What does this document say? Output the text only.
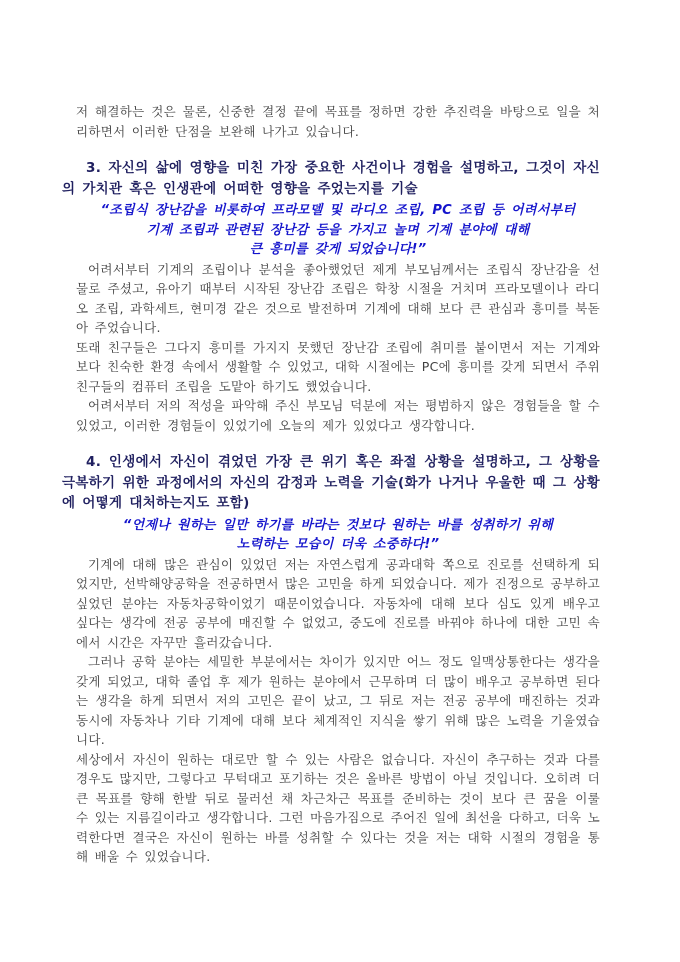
저 해결하는 것은 물론, 신중한 결정 끝에 목표를 정하면 강한 추진력을 바탕으로 일을 처리하면서 이러한 단점을 보완해 나가고 있습니다.

3. 자신의 삶에 영향을 미친 가장 중요한 사건이나 경험을 설명하고, 그것이 자신의 가치관 혹은 인생관에 어떠한 영향을 주었는지를 기술

“조립식 장난감을 비롯하여 프라모델 및 라디오 조립, PC 조립 등 어려서부터
기계 조립과 관련된 장난감 등을 가지고 놀며 기계 분야에 대해
큰 흥미를 갖게 되었습니다!”

어려서부터 기계의 조립이나 분석을 좋아했었던 제게 부모님께서는 조립식 장난감을 선물로 주셨고, 유아기 때부터 시작된 장난감 조립은 학창 시절을 거치며 프라모델이나 라디오 조립, 과학세트, 현미경 같은 것으로 발전하며 기계에 대해 보다 큰 관심과 흥미를 북돋아 주었습니다.

또래 친구들은 그다지 흥미를 가지지 못했던 장난감 조립에 취미를 붙이면서 저는 기계와 보다 친숙한 환경 속에서 생활할 수 있었고, 대학 시절에는 PC에 흥미를 갖게 되면서 주위 친구들의 컴퓨터 조립을 도맡아 하기도 했었습니다.

어려서부터 저의 적성을 파악해 주신 부모님 덕분에 저는 평범하지 않은 경험들을 할 수 있었고, 이러한 경험들이 있었기에 오늘의 제가 있었다고 생각합니다.

4. 인생에서 자신이 겪었던 가장 큰 위기 혹은 좌절 상황을 설명하고, 그 상황을 극복하기 위한 과정에서의 자신의 감정과 노력을 기술(화가 나거나 우울한 때 그 상황에 어떻게 대처하는지도 포함)

“언제나 원하는 일만 하기를 바라는 것보다 원하는 바를 성취하기 위해
노력하는 모습이 더욱 소중하다!”

기계에 대해 많은 관심이 있었던 저는 자연스럽게 공과대학 쪽으로 진로를 선택하게 되었지만, 선박해양공학을 전공하면서 많은 고민을 하게 되었습니다. 제가 진정으로 공부하고 싶었던 분야는 자동차공학이었기 때문이었습니다. 자동차에 대해 보다 심도 있게 배우고 싶다는 생각에 전공 공부에 매진할 수 없었고, 중도에 진로를 바꿔야 하나에 대한 고민 속에서 시간은 자꾸만 흘러갔습니다.

그러나 공학 분야는 세밀한 부분에서는 차이가 있지만 어느 정도 일맥상통한다는 생각을 갖게 되었고, 대학 졸업 후 제가 원하는 분야에서 근무하며 더 많이 배우고 공부하면 된다는 생각을 하게 되면서 저의 고민은 끝이 났고, 그 뒤로 저는 전공 공부에 매진하는 것과 동시에 자동차나 기타 기계에 대해 보다 체계적인 지식을 쌓기 위해 많은 노력을 기울였습니다.

세상에서 자신이 원하는 대로만 할 수 있는 사람은 없습니다. 자신이 추구하는 것과 다를 경우도 많지만, 그렇다고 무턱대고 포기하는 것은 올바른 방법이 아닐 것입니다. 오히려 더 큰 목표를 향해 한발 뒤로 물러선 채 차근차근 목표를 준비하는 것이 보다 큰 꿈을 이룰 수 있는 지름길이라고 생각합니다. 그런 마음가짐으로 주어진 일에 최선을 다하고, 더욱 노력한다면 결국은 자신이 원하는 바를 성취할 수 있다는 것을 저는 대학 시절의 경험을 통해 배울 수 있었습니다.
